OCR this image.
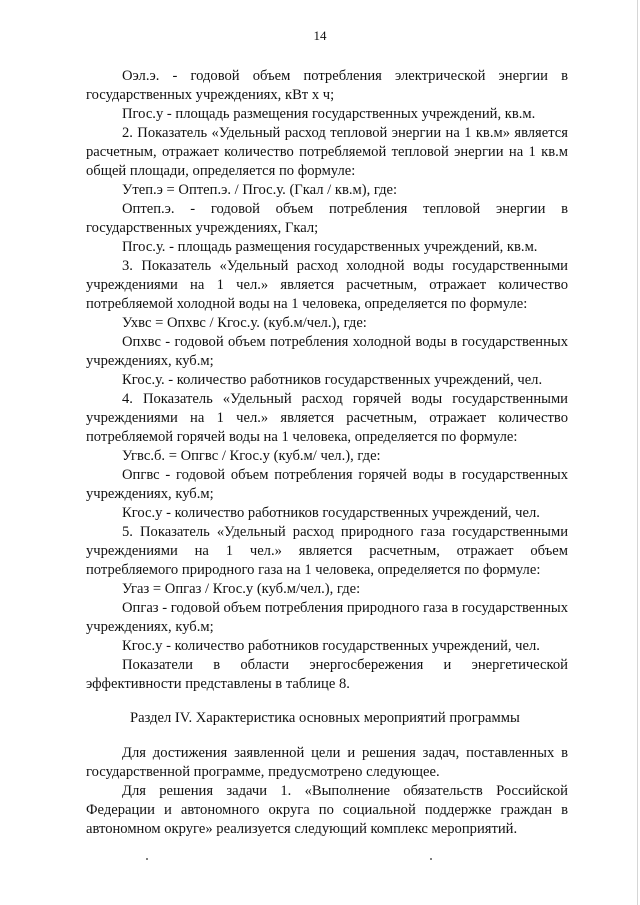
14

Оэл.э. - годовой объем потребления электрической энергии в государственных учреждениях, кВт х ч;

Пгос.у - площадь размещения государственных учреждений, кв.м.

2. Показатель «Удельный расход тепловой энергии на 1 кв.м» является расчетным, отражает количество потребляемой тепловой энергии на 1 кв.м общей площади, определяется по формуле:

Утеп.э = Оптеп.э. / Пгос.у. (Гкал / кв.м), где:

Оптеп.э. - годовой объем потребления тепловой энергии в государственных учреждениях, Гкал;

Пгос.у. - площадь размещения государственных учреждений, кв.м.

3. Показатель «Удельный расход холодной воды государственными учреждениями на 1 чел.» является расчетным, отражает количество потребляемой холодной воды на 1 человека, определяется по формуле:

Ухвс = Опхвс / Кгос.у. (куб.м/чел.), где:

Опхвс - годовой объем потребления холодной воды в государственных учреждениях, куб.м;

Кгос.у. - количество работников государственных учреждений, чел.

4. Показатель «Удельный расход горячей воды государственными учреждениями на 1 чел.» является расчетным, отражает количество потребляемой горячей воды на 1 человека, определяется по формуле:

Угвс.б. = Опгвс / Кгос.у (куб.м/ чел.), где:

Опгвс - годовой объем потребления горячей воды в государственных учреждениях, куб.м;

Кгос.у - количество работников государственных учреждений, чел.

5. Показатель «Удельный расход природного газа государственными учреждениями на 1 чел.» является расчетным, отражает объем потребляемого природного газа на 1 человека, определяется по формуле:

Угаз = Опгаз / Кгос.у (куб.м/чел.), где:

Опгаз - годовой объем потребления природного газа в государственных учреждениях, куб.м;

Кгос.у - количество работников государственных учреждений, чел.

Показатели в области энергосбережения и энергетической эффективности представлены в таблице 8.

Раздел IV. Характеристика основных мероприятий программы

Для достижения заявленной цели и решения задач, поставленных в государственной программе, предусмотрено следующее.

Для решения задачи 1. «Выполнение обязательств Российской Федерации и автономного округа по социальной поддержке граждан в автономном округе» реализуется следующий комплекс мероприятий.
